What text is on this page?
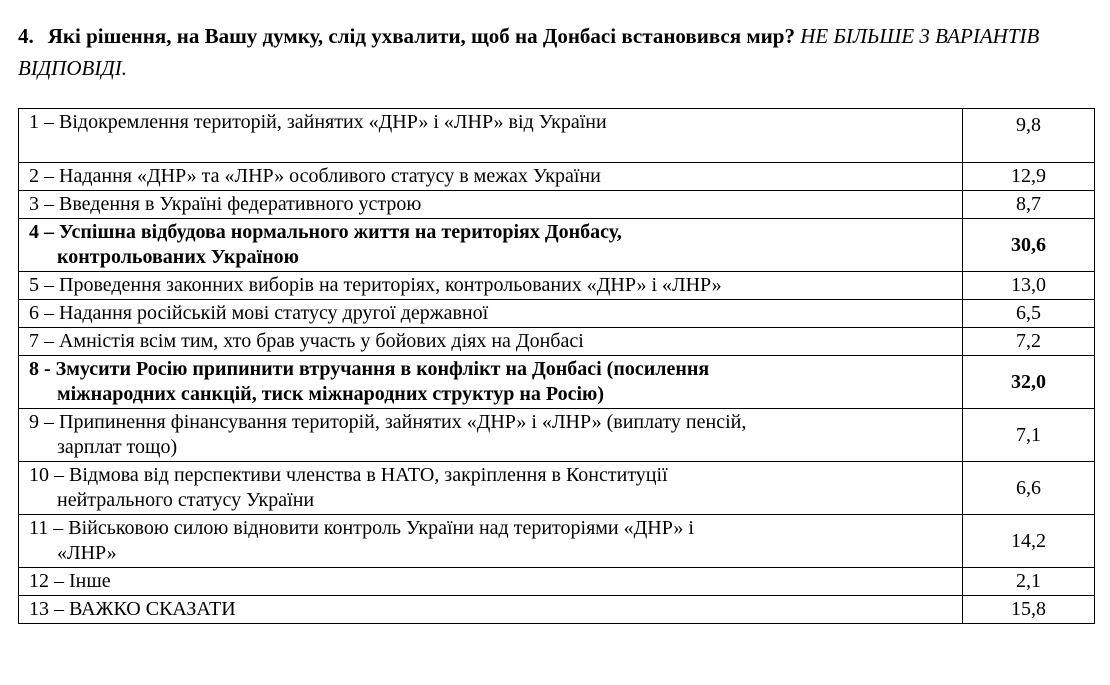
4. Які рішення, на Вашу думку, слід ухвалити, щоб на Донбасі встановився мир? НЕ БІЛЬШЕ 3 ВАРІАНТІВ ВІДПОВІДІ.
1 – Відокремлення територій, зайнятих «ДНР» і «ЛНР» від України	9,8
2 – Надання «ДНР» та «ЛНР» особливого статусу в межах України	12,9
3 – Введення в Україні федеративного устрою	8,7
4 – Успішна відбудова нормального життя на територіях Донбасу,
контрольованих Україною	30,6
5 – Проведення законних виборів на територіях, контрольованих «ДНР» і «ЛНР»	13,0
6 – Надання російській мові статусу другої державної	6,5
7 – Амністія всім тим, хто брав участь у бойових діях на Донбасі	7,2
8 - Змусити Росію припинити втручання в конфлікт на Донбасі (посилення
міжнародних санкцій, тиск міжнародних структур на Росію)	32,0
9 – Припинення фінансування територій, зайнятих «ДНР» і «ЛНР» (виплату пенсій,
зарплат тощо)	7,1
10 – Відмова від перспективи членства в НАТО, закріплення в Конституції
нейтрального статусу України	6,6
11 – Військовою силою відновити контроль України над територіями «ДНР» і
«ЛНР»	14,2
12 – Інше	2,1
13 – ВАЖКО СКАЗАТИ	15,8
